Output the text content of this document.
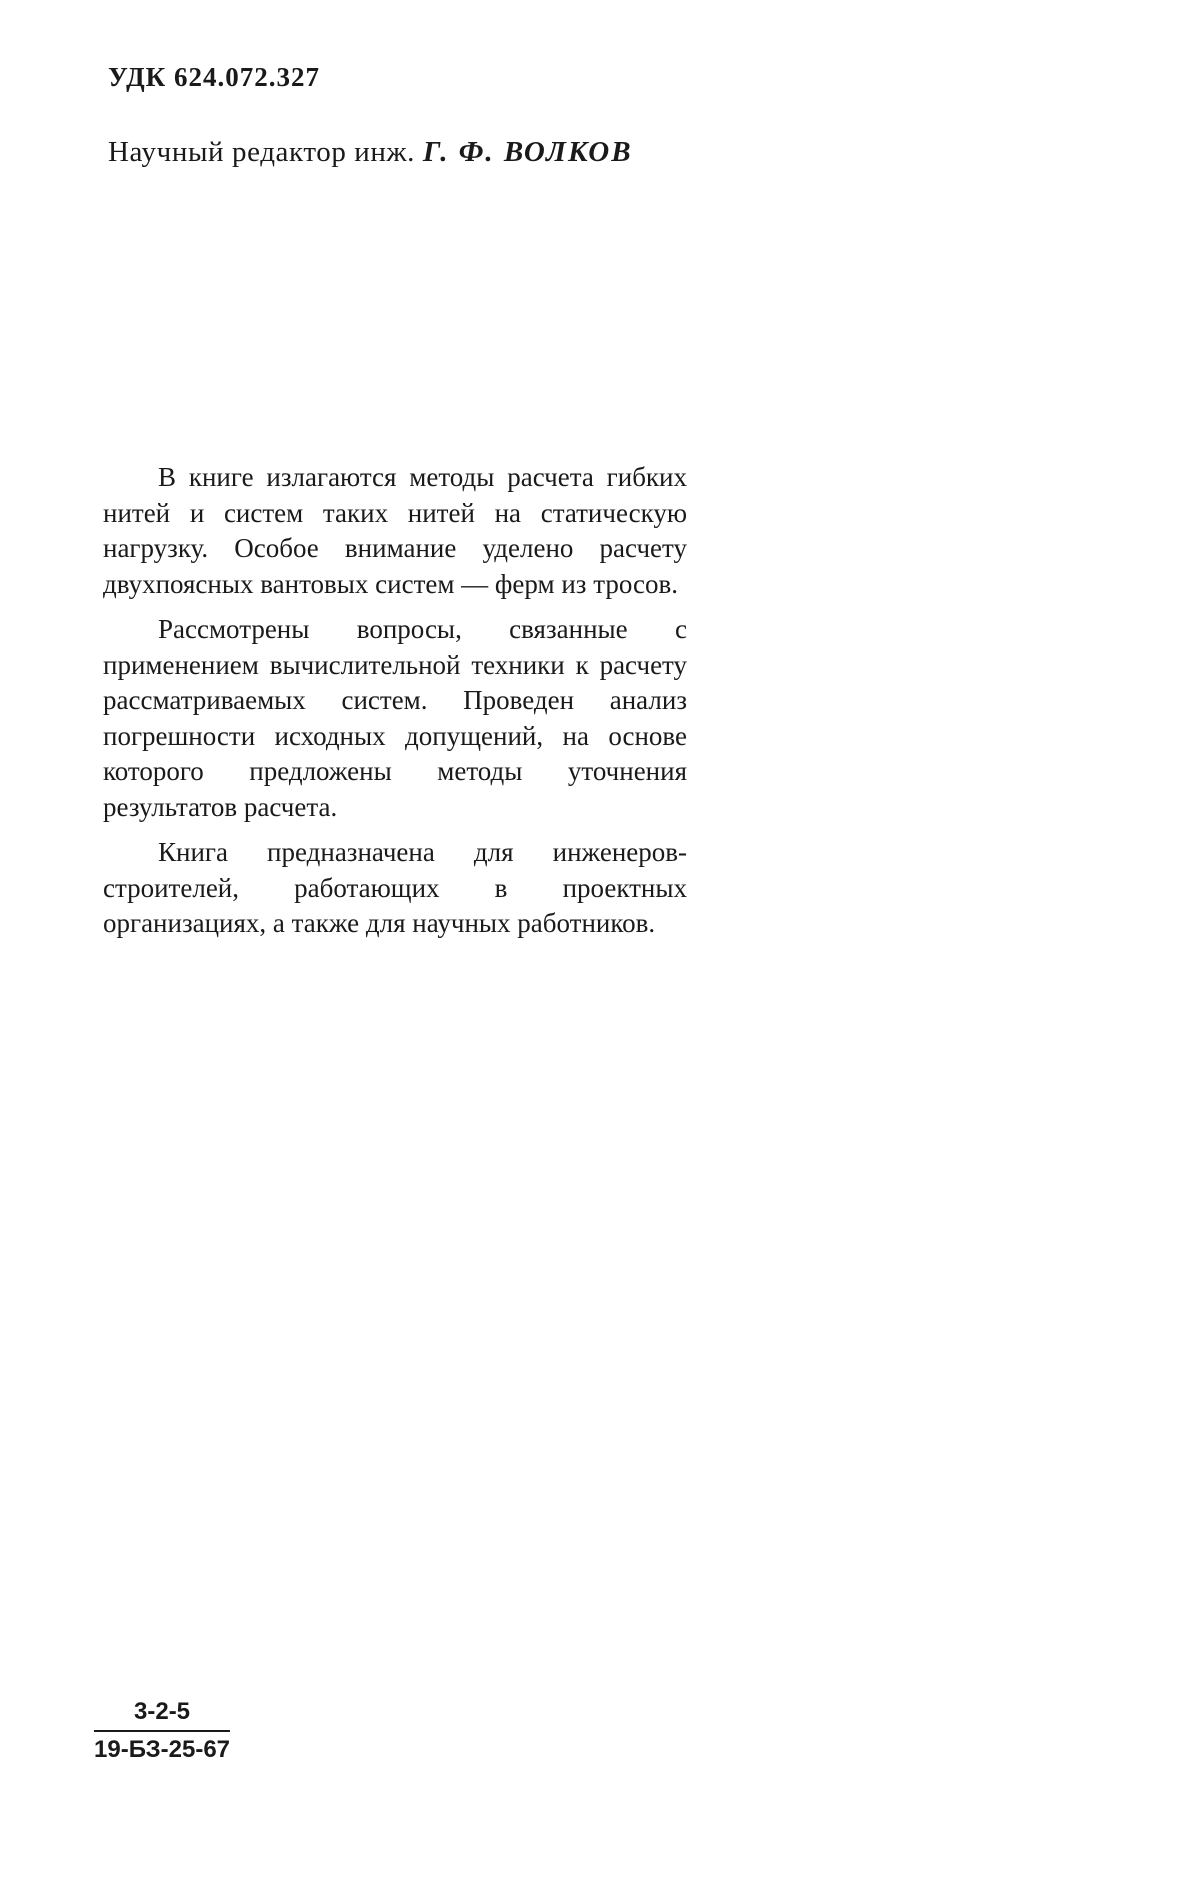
УДК 624.072.327
Научный редактор инж. Г. Ф. ВОЛКОВ

В книге излагаются методы расчета гибких нитей и систем таких нитей на статическую нагрузку. Особое внимание уделено расчету двухпоясных вантовых систем — ферм из тросов.

Рассмотрены вопросы, связанные с применением вычислительной техники к расчету рассматриваемых систем. Проведен анализ погрешности исходных допущений, на основе которого предложены методы уточнения результатов расчета.

Книга предназначена для инженеров-строителей, работающих в проектных организациях, а также для научных работников.

3-2-5
19-БЗ-25-67
